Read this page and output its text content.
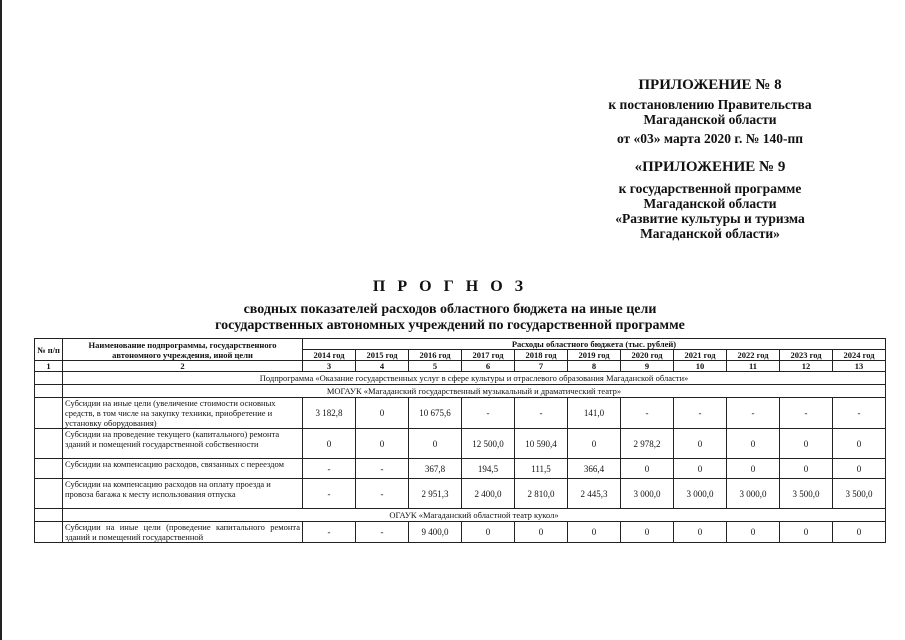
ПРИЛОЖЕНИЕ № 8
к постановлению Правительства
Магаданской области
от «03» марта 2020 г. № 140-пп
«ПРИЛОЖЕНИЕ № 9
к государственной программе
Магаданской области
«Развитие культуры и туризма
Магаданской области»
П Р О Г Н О З
сводных показателей расходов областного бюджета на иные цели
государственных автономных учреждений по государственной программе
№ п/п	Наименование подпрограммы, государственного автономного учреждения, иной цели	Расходы областного бюджета (тыс. рублей)										
		2014 год	2015 год	2016 год	2017 год	2018 год	2019 год	2020 год	2021 год	2022 год	2023 год	2024 год
1	2	3	4	5	6	7	8	9	10	11	12	13
	Подпрограмма «Оказание государственных услуг в сфере культуры и отраслевого образования Магаданской области»											
	МОГАУК «Магаданский государственный музыкальный и драматический театр»											
	Субсидии на иные цели (увеличение стоимости основных средств, в том числе на закупку техники, приобретение и установку оборудования)	3 182,8	0	10 675,6	-	-	141,0	-	-	-	-	-
	Субсидии на проведение текущего (капитального) ремонта зданий и помещений государственной собственности	0	0	0	12 500,0	10 590,4	0	2 978,2	0	0	0	0
	Субсидии на компенсацию расходов, связанных с переездом	-	-	367,8	194,5	111,5	366,4	0	0	0	0	0
	Субсидии на компенсацию расходов на оплату проезда и провоза багажа к месту использования отпуска	-	-	2 951,3	2 400,0	2 810,0	2 445,3	3 000,0	3 000,0	3 000,0	3 500,0	3 500,0
	ОГАУК «Магаданский областной театр кукол»											
	Субсидии на иные цели (проведение капитального ремонта зданий и помещений государственной	-	-	9 400,0	0	0	0	0	0	0	0	0
